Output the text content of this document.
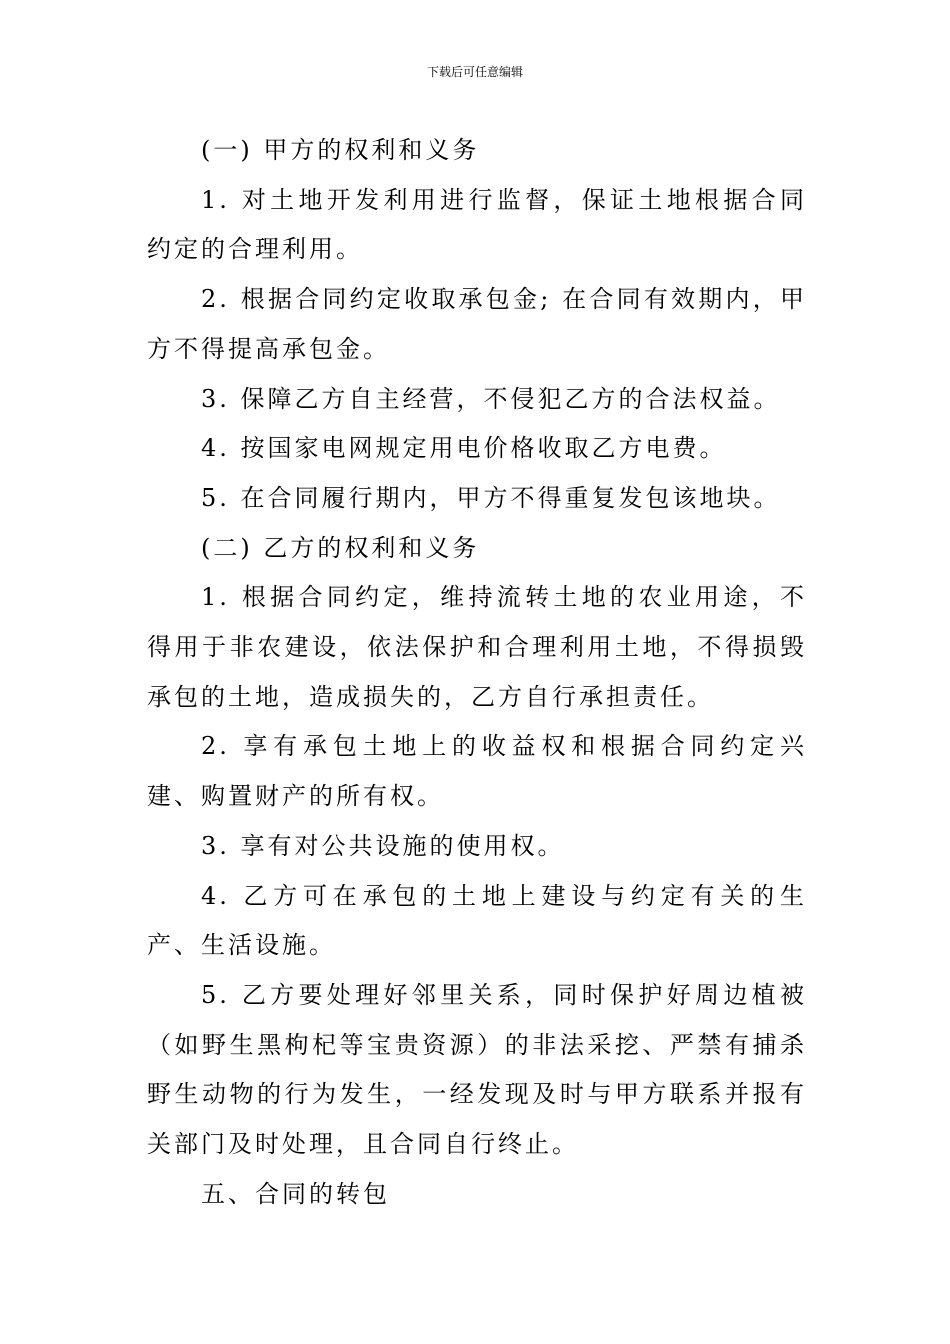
下载后可任意编辑

(一) 甲方的权利和义务

1. 对土地开发利用进行监督，保证土地根据合同约定的合理利用。

2. 根据合同约定收取承包金; 在合同有效期内，甲方不得提高承包金。

3. 保障乙方自主经营，不侵犯乙方的合法权益。

4. 按国家电网规定用电价格收取乙方电费。

5. 在合同履行期内，甲方不得重复发包该地块。

(二) 乙方的权利和义务

1. 根据合同约定，维持流转土地的农业用途，不得用于非农建设，依法保护和合理利用土地，不得损毁承包的土地，造成损失的，乙方自行承担责任。

2. 享有承包土地上的收益权和根据合同约定兴建、购置财产的所有权。

3. 享有对公共设施的使用权。

4. 乙方可在承包的土地上建设与约定有关的生产、生活设施。

5. 乙方要处理好邻里关系，同时保护好周边植被（如野生黑枸杞等宝贵资源）的非法采挖、严禁有捕杀野生动物的行为发生，一经发现及时与甲方联系并报有关部门及时处理，且合同自行终止。

五、合同的转包
